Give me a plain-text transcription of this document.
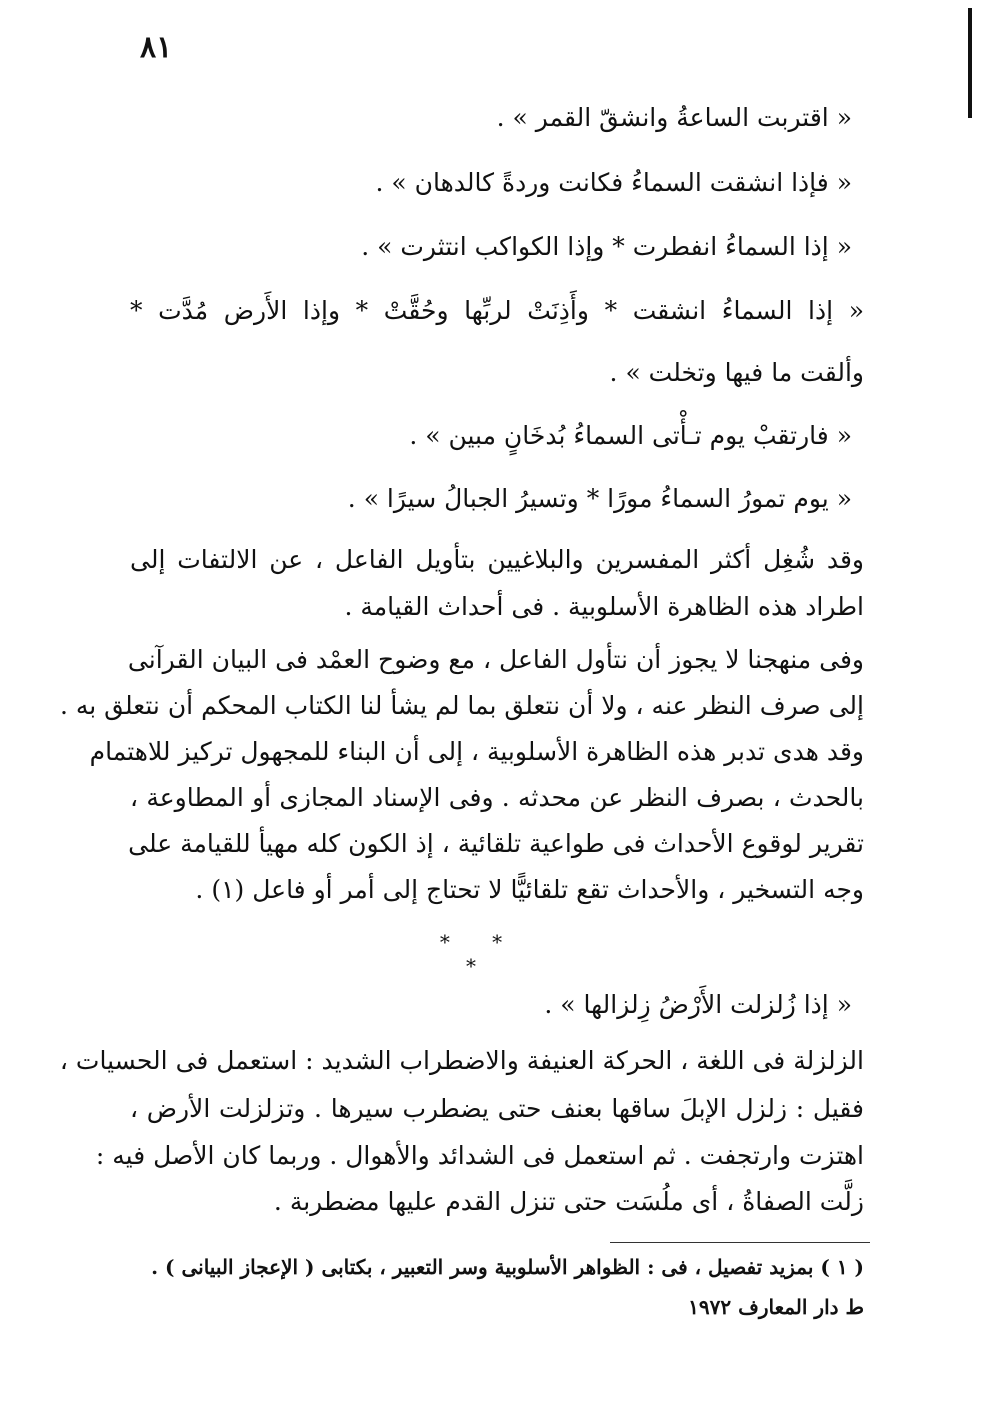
٨١
« اقتربت الساعةُ وانشقّ القمر » .
« فإذا انشقت السماءُ فكانت وردةً كالدهان » .
« إذا السماءُ انفطرت * وإذا الكواكب انتثرت » .
« إذا السماءُ انشقت * وأَذِنَتْ لربِّها وحُقَّتْ * وإذا الأَرض مُدَّت *
وألقت ما فيها وتخلت » .
« فارتقبْ يوم تـأْتى السماءُ بُدخَانٍ مبين » .
« يوم تمورُ السماءُ مورًا * وتسيرُ الجبالُ سيرًا » .
وقد شُغِل أكثر المفسرين والبلاغيين بتأويل الفاعل ، عن الالتفات إلى
اطراد هذه الظاهرة الأسلوبية . فى أحداث القيامة .
وفى منهجنا لا يجوز أن نتأول الفاعل ، مع وضوح العمْد فى البيان القرآنى
إلى صرف النظر عنه ، ولا أن نتعلق بما لم يشأ لنا الكتاب المحكم أن نتعلق به .
وقد هدى تدبر هذه الظاهرة الأسلوبية ، إلى أن البناء للمجهول تركيز للاهتمام
بالحدث ، بصرف النظر عن محدثه . وفى الإسناد المجازى أو المطاوعة ،
تقرير لوقوع الأحداث فى طواعية تلقائية ، إذ الكون كله مهيأ للقيامة على
وجه التسخير ، والأحداث تقع تلقائيًّا لا تحتاج إلى أمر أو فاعل (١) .
* * *
« إذا زُلزلت الأَرْضُ زِلزالها » .
الزلزلة فى اللغة ، الحركة العنيفة والاضطراب الشديد : استعمل فى الحسيات ،
فقيل : زلزل الإبلَ ساقها بعنف حتى يضطرب سيرها . وتزلزلت الأرض ،
اهتزت وارتجفت . ثم استعمل فى الشدائد والأهوال . وربما كان الأصل فيه :
زلَّت الصفاةُ ، أى ملُسَت حتى تنزل القدم عليها مضطربة .
( ١ ) بمزيد تفصيل ، فى : الظواهر الأسلوبية وسر التعبير ، بكتابى ( الإعجاز البيانى ) .
ط دار المعارف ١٩٧٢
